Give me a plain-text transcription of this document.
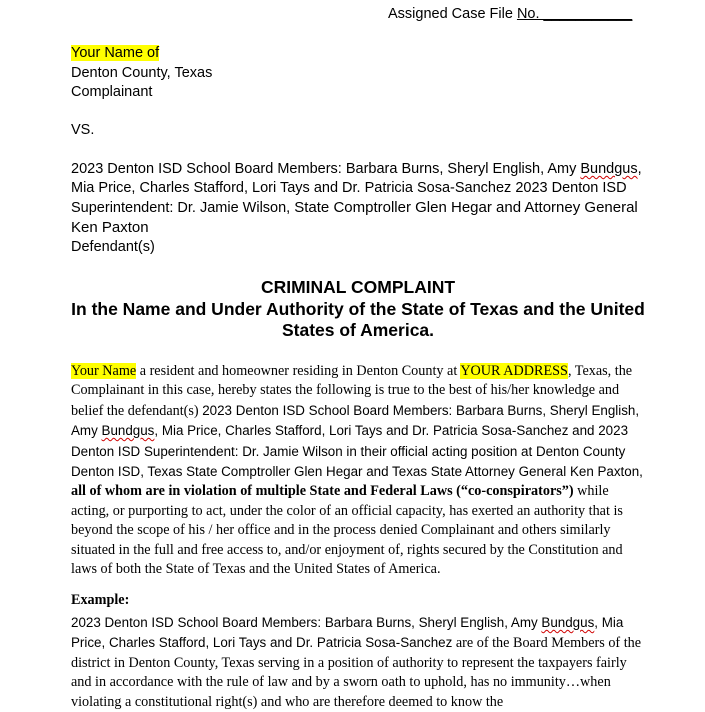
Assigned Case File No. ___________
Your Name of
Denton County, Texas
Complainant
VS.
2023 Denton ISD School Board Members: Barbara Burns, Sheryl English, Amy Bundgus, Mia Price, Charles Stafford, Lori Tays and Dr. Patricia Sosa-Sanchez 2023 Denton ISD Superintendent: Dr. Jamie Wilson, State Comptroller Glen Hegar and Attorney General Ken Paxton
Defendant(s)
CRIMINAL COMPLAINT
In the Name and Under Authority of the State of Texas and the United States of America.
Your Name a resident and homeowner residing in Denton County at YOUR ADDRESS, Texas, the Complainant in this case, hereby states the following is true to the best of his/her knowledge and belief the defendant(s) 2023 Denton ISD School Board Members: Barbara Burns, Sheryl English, Amy Bundgus, Mia Price, Charles Stafford, Lori Tays and Dr. Patricia Sosa-Sanchez and 2023 Denton ISD Superintendent: Dr. Jamie Wilson in their official acting position at Denton County Denton ISD, Texas State Comptroller Glen Hegar and Texas State Attorney General Ken Paxton, all of whom are in violation of multiple State and Federal Laws (“co-conspirators”) while acting, or purporting to act, under the color of an official capacity, has exerted an authority that is beyond the scope of his / her office and in the process denied Complainant and others similarly situated in the full and free access to, and/or enjoyment of, rights secured by the Constitution and laws of both the State of Texas and the United States of America.
Example:
2023 Denton ISD School Board Members: Barbara Burns, Sheryl English, Amy Bundgus, Mia Price, Charles Stafford, Lori Tays and Dr. Patricia Sosa-Sanchez are of the Board Members of the district in Denton County, Texas serving in a position of authority to represent the taxpayers fairly and in accordance with the rule of law and by a sworn oath to uphold, has no immunity…when violating a constitutional right(s) and who are therefore deemed to know the
